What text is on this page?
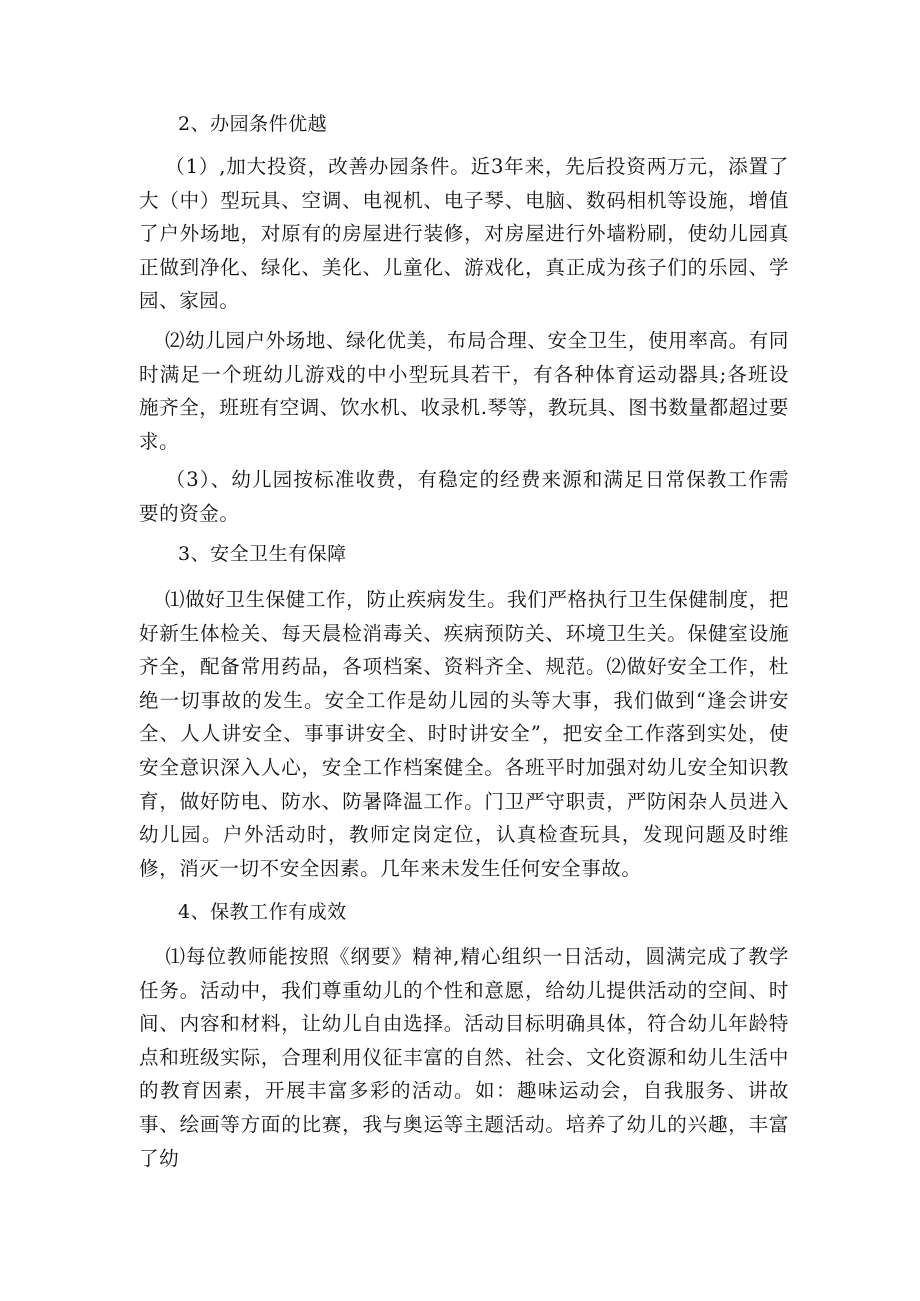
2、办园条件优越

（1）,加大投资，改善办园条件。近3年来，先后投资两万元，添置了大（中）型玩具、空调、电视机、电子琴、电脑、数码相机等设施，增值了户外场地，对原有的房屋进行装修，对房屋进行外墙粉刷，使幼儿园真正做到净化、绿化、美化、儿童化、游戏化，真正成为孩子们的乐园、学园、家园。

⑵幼儿园户外场地、绿化优美，布局合理、安全卫生，使用率高。有同时满足一个班幼儿游戏的中小型玩具若干，有各种体育运动器具;各班设施齐全，班班有空调、饮水机、收录机.琴等，教玩具、图书数量都超过要求。

（3）、幼儿园按标准收费，有稳定的经费来源和满足日常保教工作需要的资金。

3、安全卫生有保障

⑴做好卫生保健工作，防止疾病发生。我们严格执行卫生保健制度，把好新生体检关、每天晨检消毒关、疾病预防关、环境卫生关。保健室设施齐全，配备常用药品，各项档案、资料齐全、规范。⑵做好安全工作，杜绝一切事故的发生。安全工作是幼儿园的头等大事，我们做到“逢会讲安全、人人讲安全、事事讲安全、时时讲安全”，把安全工作落到实处，使安全意识深入人心，安全工作档案健全。各班平时加强对幼儿安全知识教育，做好防电、防水、防暑降温工作。门卫严守职责，严防闲杂人员进入幼儿园。户外活动时，教师定岗定位，认真检查玩具，发现问题及时维修，消灭一切不安全因素。几年来未发生任何安全事故。

4、保教工作有成效

⑴每位教师能按照《纲要》精神,精心组织一日活动，圆满完成了教学任务。活动中，我们尊重幼儿的个性和意愿，给幼儿提供活动的空间、时间、内容和材料，让幼儿自由选择。活动目标明确具体，符合幼儿年龄特点和班级实际，合理利用仪征丰富的自然、社会、文化资源和幼儿生活中的教育因素，开展丰富多彩的活动。如：趣味运动会，自我服务、讲故事、绘画等方面的比赛，我与奥运等主题活动。培养了幼儿的兴趣，丰富了幼
